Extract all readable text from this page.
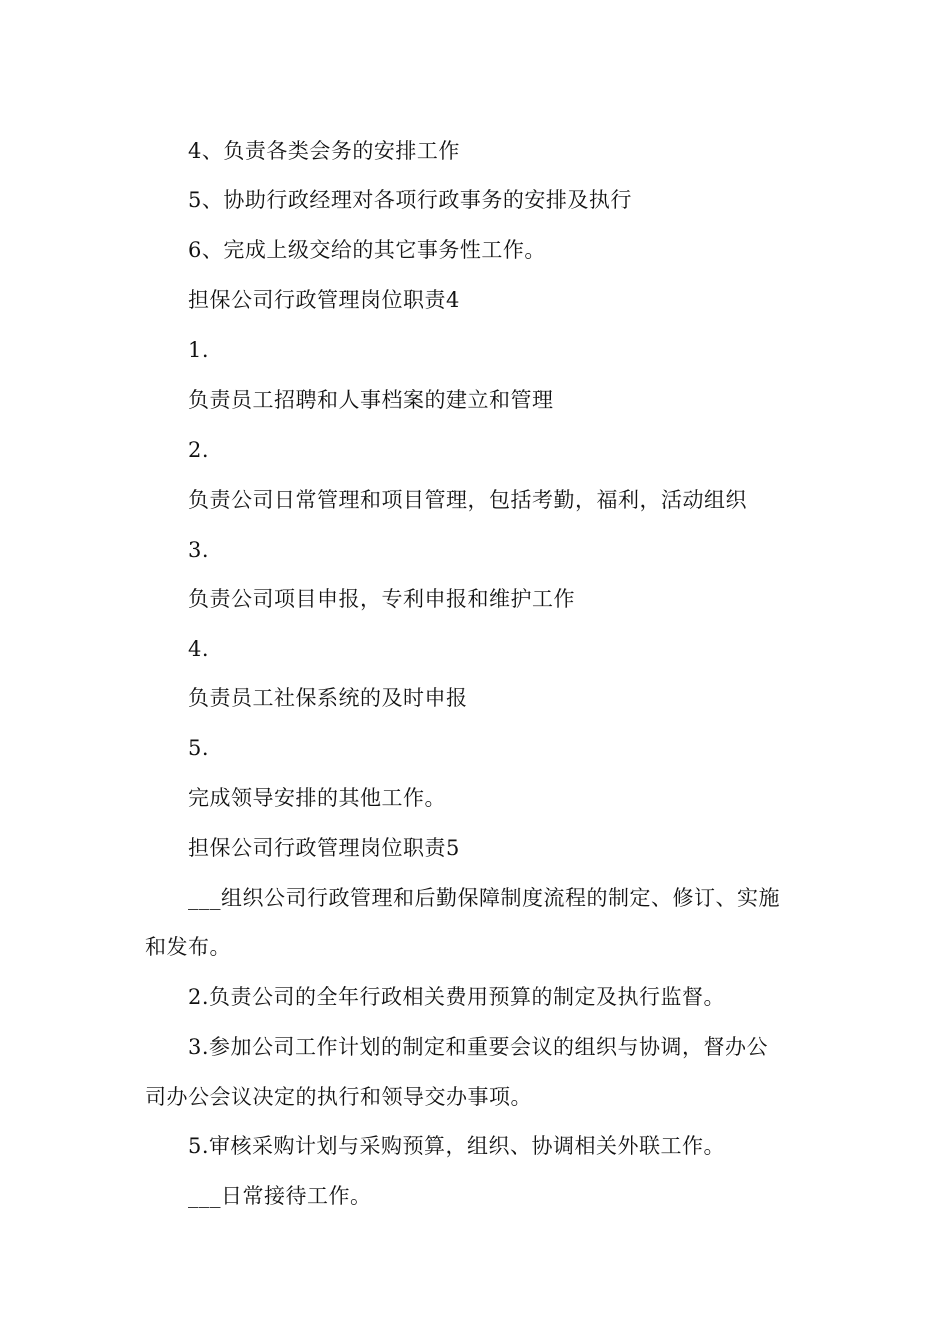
4、负责各类会务的安排工作
5、协助行政经理对各项行政事务的安排及执行
6、完成上级交给的其它事务性工作。
担保公司行政管理岗位职责4
1.
负责员工招聘和人事档案的建立和管理
2.
负责公司日常管理和项目管理，包括考勤，福利，活动组织
3.
负责公司项目申报，专利申报和维护工作
4.
负责员工社保系统的及时申报
5.
完成领导安排的其他工作。
担保公司行政管理岗位职责5
___组织公司行政管理和后勤保障制度流程的制定、修订、实施
和发布。
2.负责公司的全年行政相关费用预算的制定及执行监督。
3.参加公司工作计划的制定和重要会议的组织与协调，督办公
司办公会议决定的执行和领导交办事项。
5.审核采购计划与采购预算，组织、协调相关外联工作。
___日常接待工作。
